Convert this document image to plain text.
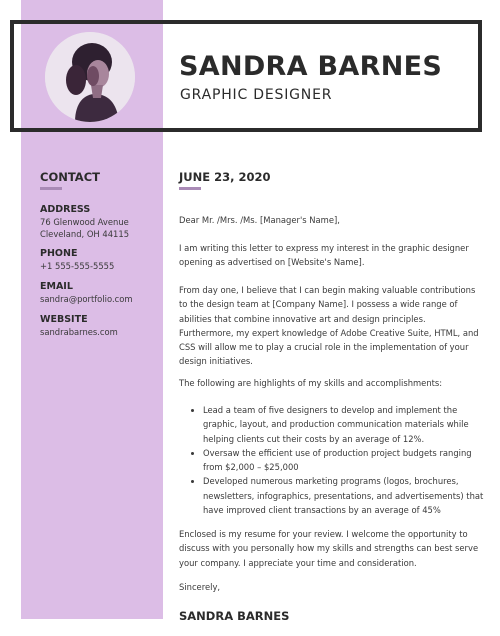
SANDRA BARNES
GRAPHIC DESIGNER
CONTACT
ADDRESS
76 Glenwood Avenue
Cleveland, OH 44115
PHONE
+1 555-555-5555
EMAIL
sandra@portfolio.com
WEBSITE
sandrabarnes.com
JUNE 23, 2020

Dear Mr. /Mrs. /Ms. [Manager's Name],

I am writing this letter to express my interest in the graphic designer opening as advertised on [Website's Name].

From day one, I believe that I can begin making valuable contributions to the design team at [Company Name]. I possess a wide range of abilities that combine innovative art and design principles. Furthermore, my expert knowledge of Adobe Creative Suite, HTML, and CSS will allow me to play a crucial role in the implementation of your design initiatives.

The following are highlights of my skills and accomplishments:

• Lead a team of five designers to develop and implement the graphic, layout, and production communication materials while helping clients cut their costs by an average of 12%.
• Oversaw the efficient use of production project budgets ranging from $2,000 – $25,000
• Developed numerous marketing programs (logos, brochures, newsletters, infographics, presentations, and advertisements) that have improved client transactions by an average of 45%

Enclosed is my resume for your review. I welcome the opportunity to discuss with you personally how my skills and strengths can best serve your company. I appreciate your time and consideration.

Sincerely,

SANDRA BARNES
